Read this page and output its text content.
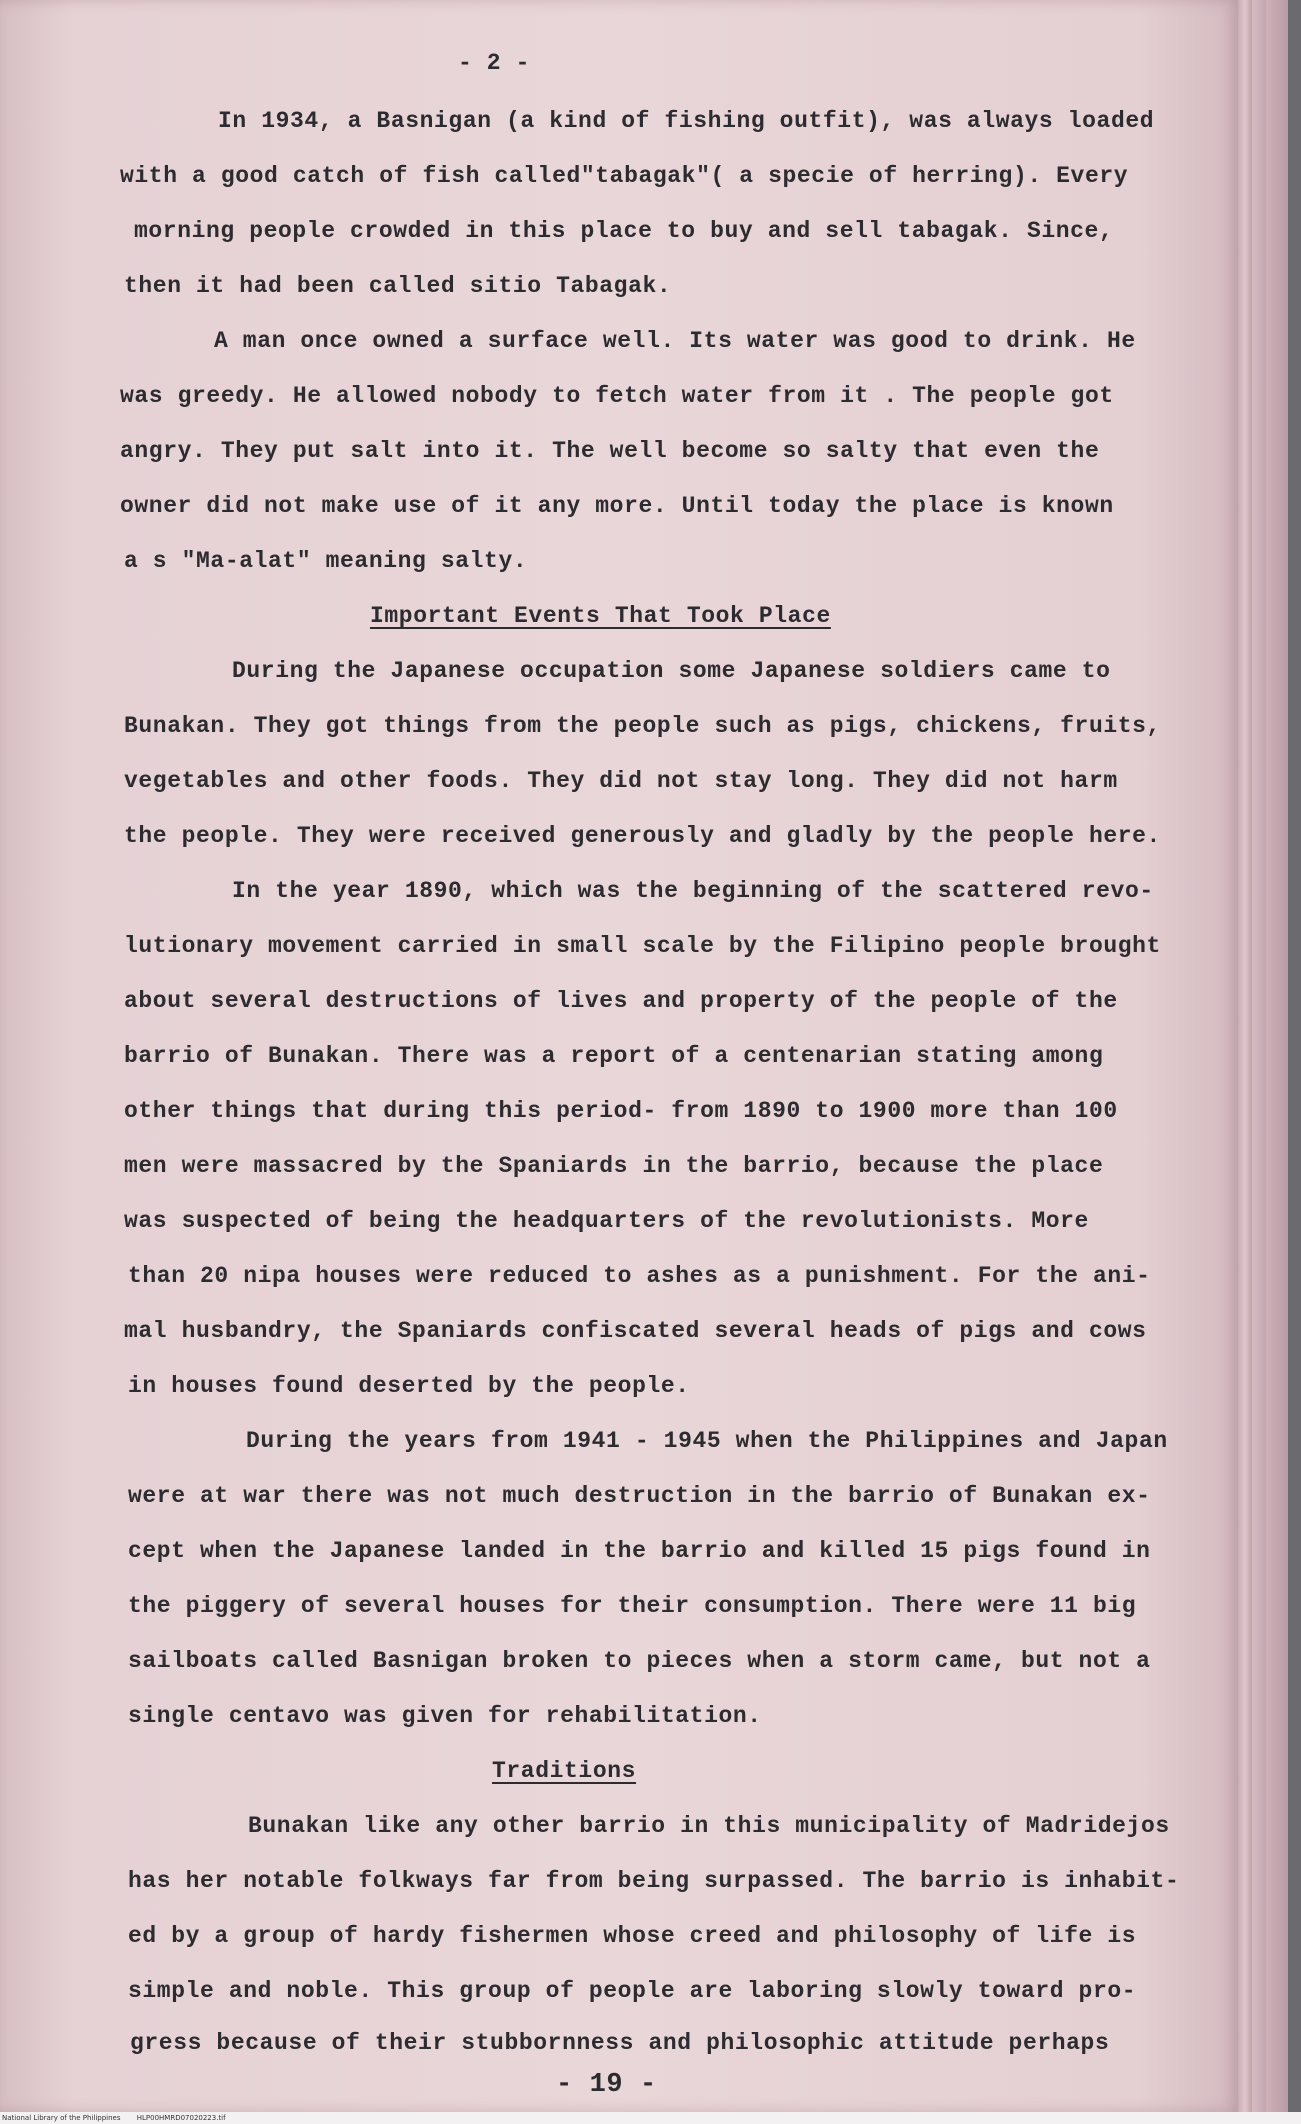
- 2 -
In 1934, a Basnigan (a kind of fishing outfit), was always loaded
with a good catch of fish called"tabagak"( a specie of herring). Every
morning people crowded in this place to buy and sell tabagak. Since,
then it had been called sitio Tabagak.
A man once owned a surface well. Its water was good to drink. He
was greedy. He allowed nobody to fetch water from it . The people got
angry. They put salt into it. The well become so salty that even the
owner did not make use of it any more. Until today the place is known
a s "Ma-alat" meaning salty.
Important Events That Took Place
During the Japanese occupation some Japanese soldiers came to
Bunakan. They got things from the people such as pigs, chickens, fruits,
vegetables and other foods. They did not stay long. They did not harm
the people. They were received generously and gladly by the people here.
In the year 1890, which was the beginning of the scattered revo-
lutionary movement carried in small scale by the Filipino people brought
about several destructions of lives and property of the people of the
barrio of Bunakan. There was a report of a centenarian stating among
other things that during this period- from 1890 to 1900 more than 100
men were massacred by the Spaniards in the barrio, because the place
was suspected of being the headquarters of the revolutionists. More
than 20 nipa houses were reduced to ashes as a punishment. For the ani-
mal husbandry, the Spaniards confiscated several heads of pigs and cows
in houses found deserted by the people.
During the years from 1941 - 1945 when the Philippines and Japan
were at war there was not much destruction in the barrio of Bunakan ex-
cept when the Japanese landed in the barrio and killed 15 pigs found in
the piggery of several houses for their consumption. There were 11 big
sailboats called Basnigan broken to pieces when a storm came, but not a
single centavo was given for rehabilitation.
Traditions
Bunakan like any other barrio in this municipality of Madridejos
has her notable folkways far from being surpassed. The barrio is inhabit-
ed by a group of hardy fishermen whose creed and philosophy of life is
simple and noble. This group of people are laboring slowly toward pro-
gress because of their stubbornness and philosophic attitude perhaps
- 19 -
National Library of the Philippines HLP00HMRD07020223.tif
